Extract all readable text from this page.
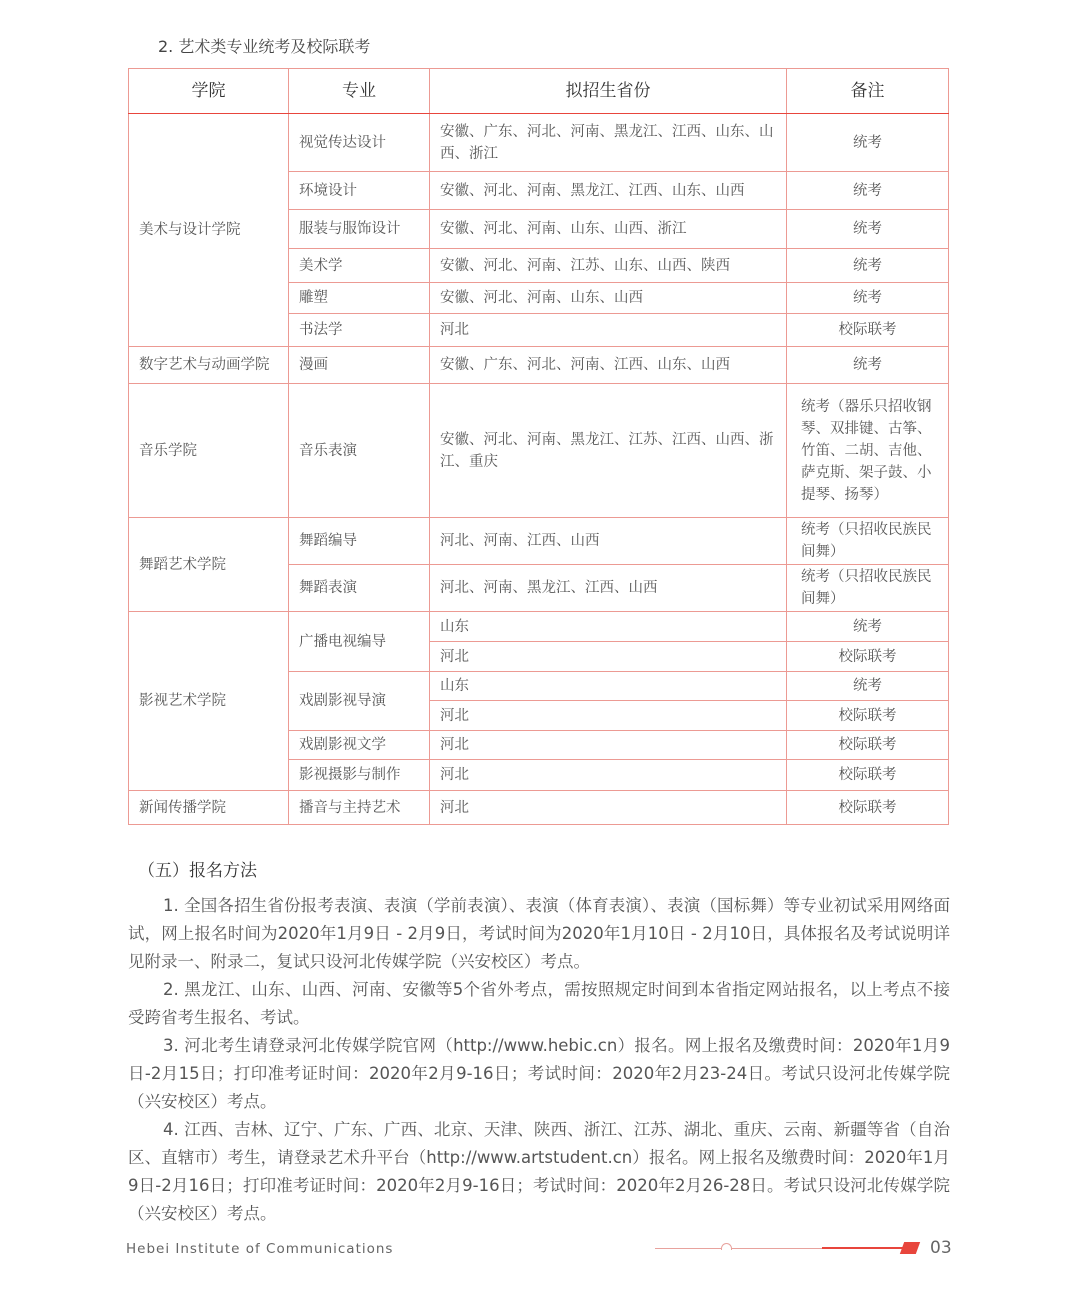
2. 艺术类专业统考及校际联考
学院	专业	拟招生省份	备注
美术与设计学院	视觉传达设计	安徽、广东、河北、河南、黑龙江、江西、山东、山西、浙江	统考
	环境设计	安徽、河北、河南、黑龙江、江西、山东、山西	统考
	服装与服饰设计	安徽、河北、河南、山东、山西、浙江	统考
	美术学	安徽、河北、河南、江苏、山东、山西、陕西	统考
	雕塑	安徽、河北、河南、山东、山西	统考
	书法学	河北	校际联考
数字艺术与动画学院	漫画	安徽、广东、河北、河南、江西、山东、山西	统考
音乐学院	音乐表演	安徽、河北、河南、黑龙江、江苏、江西、山西、浙江、重庆	统考（器乐只招收钢琴、双排键、古筝、竹笛、二胡、吉他、萨克斯、架子鼓、小提琴、扬琴）
舞蹈艺术学院	舞蹈编导	河北、河南、江西、山西	统考（只招收民族民间舞）
	舞蹈表演	河北、河南、黑龙江、江西、山西	统考（只招收民族民间舞）
影视艺术学院	广播电视编导	山东	统考
		河北	校际联考
	戏剧影视导演	山东	统考
		河北	校际联考
	戏剧影视文学	河北	校际联考
	影视摄影与制作	河北	校际联考
新闻传播学院	播音与主持艺术	河北	校际联考
（五）报名方法

1. 全国各招生省份报考表演、表演（学前表演）、表演（体育表演）、表演（国标舞）等专业初试采用网络面试，网上报名时间为2020年1月9日 - 2月9日，考试时间为2020年1月10日 - 2月10日，具体报名及考试说明详见附录一、附录二，复试只设河北传媒学院（兴安校区）考点。

2. 黑龙江、山东、山西、河南、安徽等5个省外考点，需按照规定时间到本省指定网站报名，以上考点不接受跨省考生报名、考试。

3. 河北考生请登录河北传媒学院官网（http://www.hebic.cn）报名。网上报名及缴费时间：2020年1月9日-2月15日；打印准考证时间：2020年2月9-16日；考试时间：2020年2月23-24日。考试只设河北传媒学院（兴安校区）考点。

4. 江西、吉林、辽宁、广东、广西、北京、天津、陕西、浙江、江苏、湖北、重庆、云南、新疆等省（自治区、直辖市）考生，请登录艺术升平台（http://www.artstudent.cn）报名。网上报名及缴费时间：2020年1月9日-2月16日；打印准考证时间：2020年2月9-16日；考试时间：2020年2月26-28日。考试只设河北传媒学院（兴安校区）考点。

Hebei Institute of Communications	03
